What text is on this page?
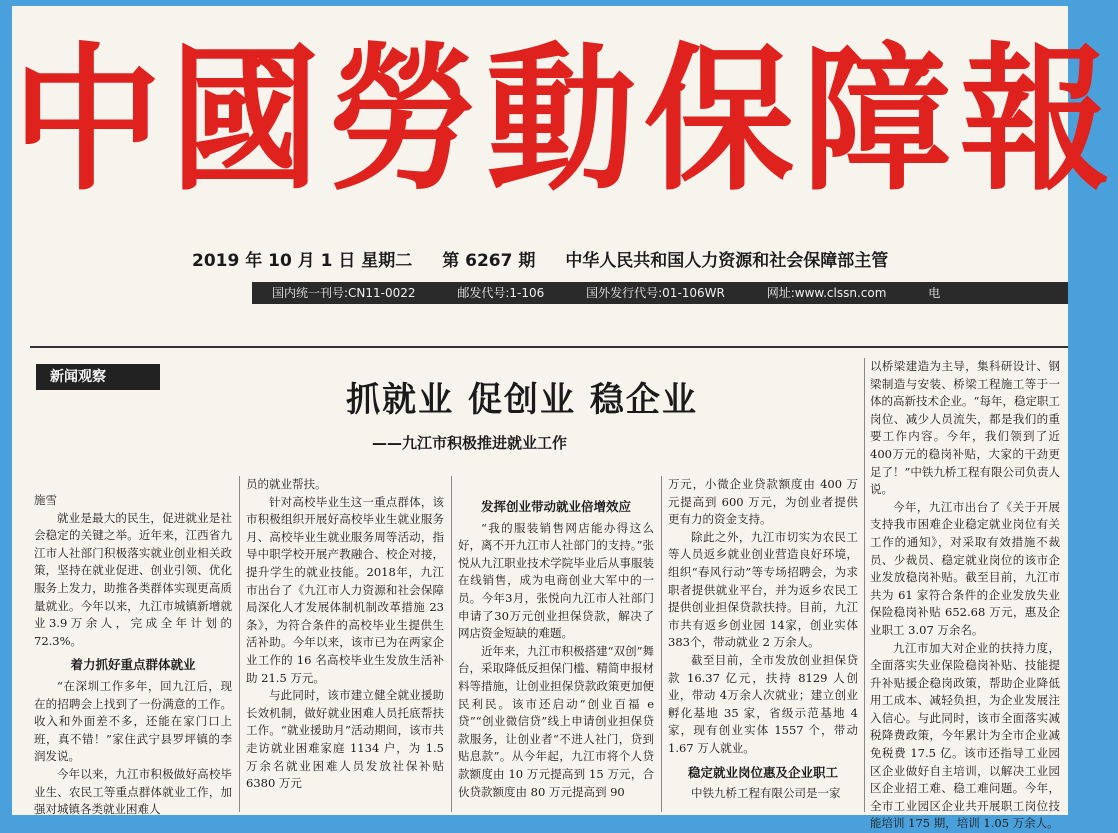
中國勞動保障報
2019 年 10 月 1 日 星期二 第 6267 期 中华人民共和国人力资源和社会保障部主管
国内统一刊号:CN11-0022	邮发代号:1-106	国外发行代号:01-106WR	网址:www.clssn.com	电
新闻观察
抓就业 促创业 稳企业
——九江市积极推进就业工作

施雪

就业是最大的民生，促进就业是社会稳定的关键之举。近年来，江西省九江市人社部门积极落实就业创业相关政策，坚持在就业促进、创业引领、优化服务上发力，助推各类群体实现更高质量就业。今年以来，九江市城镇新增就业3.9万余人，完成全年计划的72.3%。

着力抓好重点群体就业

“在深圳工作多年，回九江后，现在的招聘会上找到了一份满意的工作。收入和外面差不多，还能在家门口上班，真不错！”家住武宁县罗坪镇的李润发说。

今年以来，九江市积极做好高校毕业生、农民工等重点群体就业工作，加强对城镇各类就业困难人

员的就业帮扶。

针对高校毕业生这一重点群体，该市积极组织开展好高校毕业生就业服务月、高校毕业生就业服务周等活动，指导中职学校开展产教融合、校企对接，提升学生的就业技能。2018年，九江市出台了《九江市人力资源和社会保障局深化人才发展体制机制改革措施 23 条》，为符合条件的高校毕业生提供生活补助。今年以来，该市已为在两家企业工作的 16 名高校毕业生发放生活补助 21.5 万元。

与此同时，该市建立健全就业援助长效机制，做好就业困难人员托底帮扶工作。“就业援助月”活动期间，该市共走访就业困难家庭 1134 户，为 1.5 万余名就业困难人员发放社保补贴 6380 万元

发挥创业带动就业倍增效应

“我的服装销售网店能办得这么好，离不开九江市人社部门的支持。”张悦从九江职业技术学院毕业后从事服装在线销售，成为电商创业大军中的一员。今年3月，张悦向九江市人社部门申请了30万元创业担保贷款，解决了网店资金短缺的难题。

近年来，九江市积极搭建“双创”舞台，采取降低反担保门槛、精简申报材料等措施，让创业担保贷款政策更加便民利民。该市还启动“创业百福 e 贷”“创业微信贷”线上申请创业担保贷款服务，让创业者“不进人社门，贷到贴息款”。从今年起，九江市将个人贷款额度由 10 万元提高到 15 万元，合伙贷款额度由 80 万元提高到 90

万元，小微企业贷款额度由 400 万元提高到 600 万元，为创业者提供更有力的资金支持。

除此之外，九江市切实为农民工等人员返乡就业创业营造良好环境，组织“春风行动”等专场招聘会，为求职者提供就业平台，并为返乡农民工提供创业担保贷款扶持。目前，九江市共有返乡创业园 14家，创业实体 383个，带动就业 2 万余人。

截至目前，全市发放创业担保贷款 16.37 亿元，扶持 8129 人创业，带动 4万余人次就业；建立创业孵化基地 35 家，省级示范基地 4 家，现有创业实体 1557 个，带动 1.67 万人就业。

稳定就业岗位惠及企业职工

中铁九桥工程有限公司是一家

以桥梁建造为主导，集科研设计、钢梁制造与安装、桥梁工程施工等于一体的高新技术企业。“每年，稳定职工岗位、减少人员流失，都是我们的重要工作内容。今年，我们领到了近 400万元的稳岗补贴，大家的干劲更足了！”中铁九桥工程有限公司负责人说。

今年，九江市出台了《关于开展支持我市困难企业稳定就业岗位有关工作的通知》，对采取有效措施不裁员、少裁员、稳定就业岗位的该市企业发放稳岗补贴。截至目前，九江市共为 61 家符合条件的企业发放失业保险稳岗补贴 652.68 万元，惠及企业职工 3.07 万余名。

九江市加大对企业的扶持力度，全面落实失业保险稳岗补贴、技能提升补贴援企稳岗政策，帮助企业降低用工成本、减轻负担，为企业发展注入信心。与此同时，该市全面落实减税降费政策，今年累计为全市企业减免税费 17.5 亿。该市还指导工业园区企业做好自主培训，以解决工业园区企业招工难、稳工难问题。今年，全市工业园区企业共开展职工岗位技能培训 175 期，培训 1.05 万余人。
